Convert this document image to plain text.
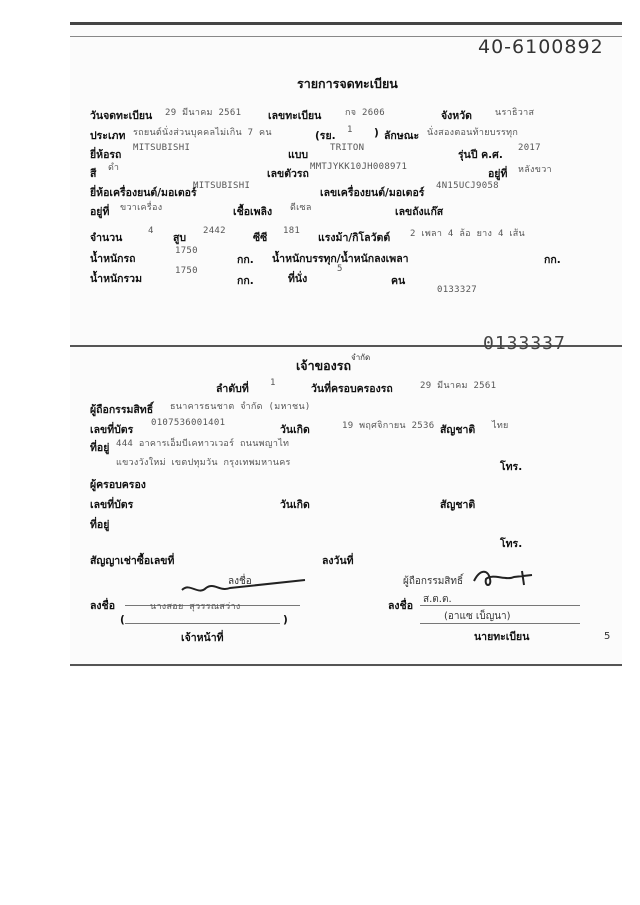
40-6100892
รายการจดทะเบียน
วันจดทะเบียน 29 มีนาคม 2561	เลขทะเบียน	กจ 2606	จังหวัด	นราธิวาส
ประเภท รถยนต์นั่งส่วนบุคคลไม่เกิน 7 คน	(รย. 1 ) ลักษณะ นั่งสองตอนท้ายบรรทุก
ยี่ห้อรถ
MITSUBISHI
แบบ
TRITON
รุ่นปี ค.ศ.
2017
สี ดำ	เลขตัวรถ
MMTJYKK10JH008971
อยู่ที่ หลังขวา
ยี่ห้อเครื่องยนต์/มอเตอร์
MITSUBISHI
เลขเครื่องยนต์/มอเตอร์
4N15UCJ9058
อยู่ที่ ขวาเครื่อง	เชื้อเพลิง ดีเซล	เลขถังแก๊ส
จำนวน
4
สูบ
2442
ซีซี
181
แรงม้า/กิโลวัตต์ 2 เพลา 4 ล้อ ยาง 4 เส้น
น้ำหนักรถ
1750
กก. น้ำหนักบรรทุก/น้ำหนักลงเพลา	กก.
น้ำหนักรวม
1750
กก.	ที่นั่ง
5
คน
0133327
0133337
เจ้าของรถ
จำกัด
ลำดับที่ 1	วันที่ครอบครองรถ	29 มีนาคม 2561
ผู้ถือกรรมสิทธิ์ ธนาคารธนชาต จำกัด (มหาชน)
เลขที่บัตร
0107536001401
วันเกิด	19 พฤศจิกายน 2536 สัญชาติ ไทย
ที่อยู่ 444 อาคารเอ็มบีเคทาวเวอร์ ถนนพญาไท
แขวงวังใหม่ เขตปทุมวัน กรุงเทพมหานคร	โทร.
ผู้ครอบครอง
เลขที่บัตร	วันเกิด	สัญชาติ
ที่อยู่
โทร.
สัญญาเช่าซื้อเลขที่	ลงวันที่
ลงชื่อ	ผู้ถือกรรมสิทธิ์
ลงชื่อ	นางสอย สุวรรณสว่าง
(	)
เจ้าหน้าที่
ลงชื่อ
ส.ต.ต.
(อาแซ เบ็ญนา)
นายทะเบียน	5
